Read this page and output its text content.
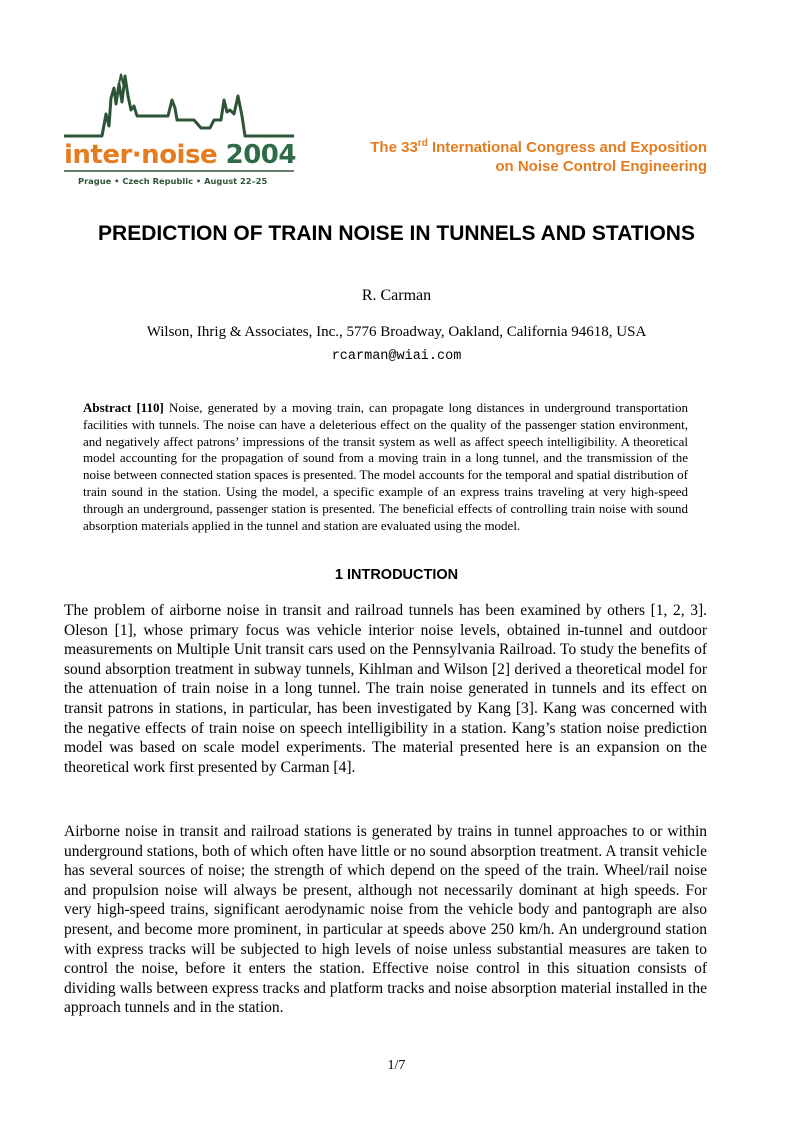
inter·noise 2004
Prague • Czech Republic • August 22–25
The 33rd International Congress and Exposition
on Noise Control Engineering
PREDICTION OF TRAIN NOISE IN TUNNELS AND STATIONS
R. Carman
Wilson, Ihrig & Associates, Inc., 5776 Broadway, Oakland, California 94618, USA
rcarman@wiai.com

Abstract [110] Noise, generated by a moving train, can propagate long distances in underground transportation facilities with tunnels. The noise can have a deleterious effect on the quality of the passenger station environment, and negatively affect patrons’ impressions of the transit system as well as affect speech intelligibility. A theoretical model accounting for the propagation of sound from a moving train in a long tunnel, and the transmission of the noise between connected station spaces is presented. The model accounts for the temporal and spatial distribution of train sound in the station. Using the model, a specific example of an express trains traveling at very high-speed through an underground, passenger station is presented. The beneficial effects of controlling train noise with sound absorption materials applied in the tunnel and station are evaluated using the model.

1 INTRODUCTION

The problem of airborne noise in transit and railroad tunnels has been examined by others [1, 2, 3]. Oleson [1], whose primary focus was vehicle interior noise levels, obtained in-tunnel and outdoor measurements on Multiple Unit transit cars used on the Pennsylvania Railroad. To study the benefits of sound absorption treatment in subway tunnels, Kihlman and Wilson [2] derived a theoretical model for the attenuation of train noise in a long tunnel. The train noise generated in tunnels and its effect on transit patrons in stations, in particular, has been investigated by Kang [3]. Kang was concerned with the negative effects of train noise on speech intelligibility in a station. Kang’s station noise prediction model was based on scale model experiments. The material presented here is an expansion on the theoretical work first presented by Carman [4].

Airborne noise in transit and railroad stations is generated by trains in tunnel approaches to or within underground stations, both of which often have little or no sound absorption treatment. A transit vehicle has several sources of noise; the strength of which depend on the speed of the train. Wheel/rail noise and propulsion noise will always be present, although not necessarily dominant at high speeds. For very high-speed trains, significant aerodynamic noise from the vehicle body and pantograph are also present, and become more prominent, in particular at speeds above 250 km/h. An underground station with express tracks will be subjected to high levels of noise unless substantial measures are taken to control the noise, before it enters the station. Effective noise control in this situation consists of dividing walls between express tracks and platform tracks and noise absorption material installed in the approach tunnels and in the station.

1/7
